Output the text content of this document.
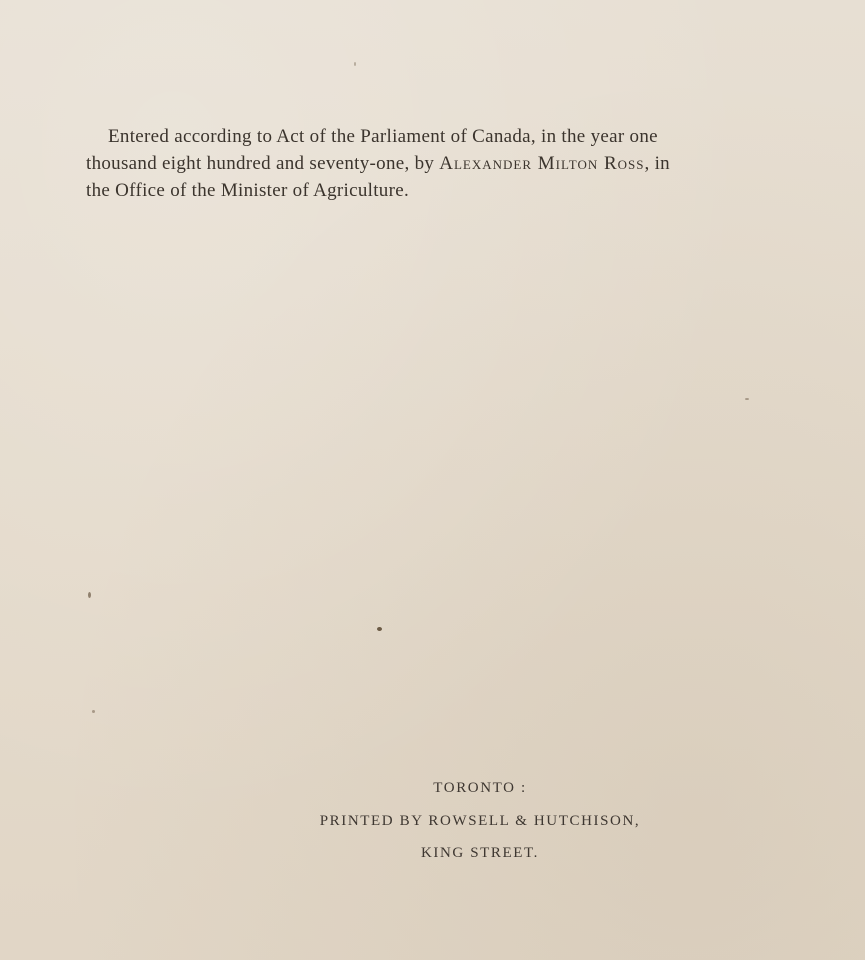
Entered according to Act of the Parliament of Canada, in the year one
thousand eight hundred and seventy-one, by Alexander Milton Ross, in
the Office of the Minister of Agriculture.
TORONTO :
PRINTED BY ROWSELL & HUTCHISON,
KING STREET.
